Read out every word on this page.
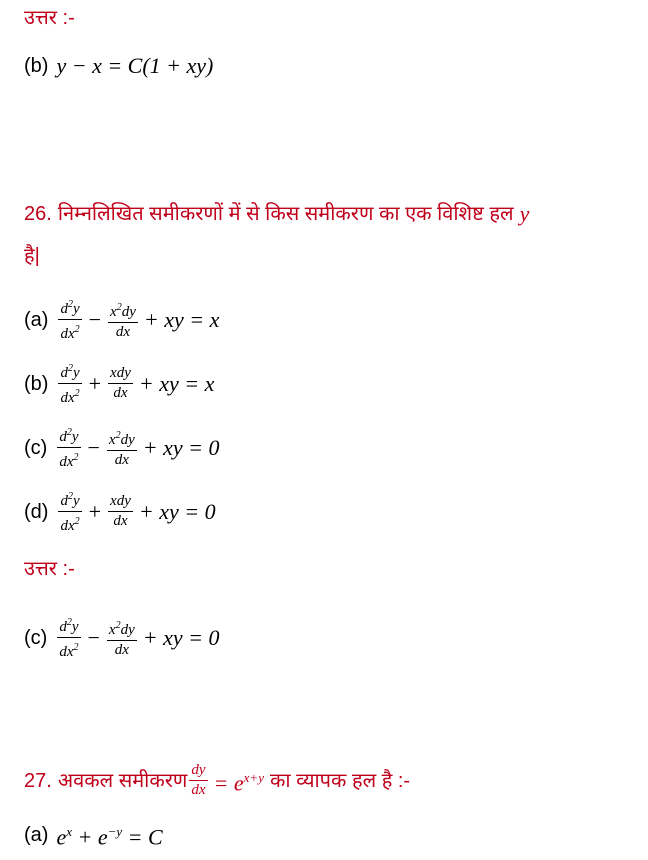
उत्तर :-
(b) y − x = C(1 + xy)
26. निम्नलिखित समीकरणों में से किस समीकरण का एक विशिष्ट हल y
है|
$(a) \frac{d^2y}{dx^2} - \frac{x^2dy}{dx}$ + xy = x
$(b) \frac{d^2y}{dx^2} + \frac{\text{xdy}}{dx}$ + xy = x
$(c) \frac{d^2y}{dx^2} - \frac{x^2dy}{dx}$ + xy = 0
$(d) \frac{d^2y}{dx^2} + \frac{\text{xdy}}{dx}$ + xy = 0
उत्तर :-
$(c) \frac{d^2y}{dx^2} - \frac{x^2dy}{dx}$ + xy = 0
27. अवकल समीकरण $\frac{dy}{dx} = e^{x+y}$ का व्यापक हल है :-
(a) $e^x + e^{-y} = C$
